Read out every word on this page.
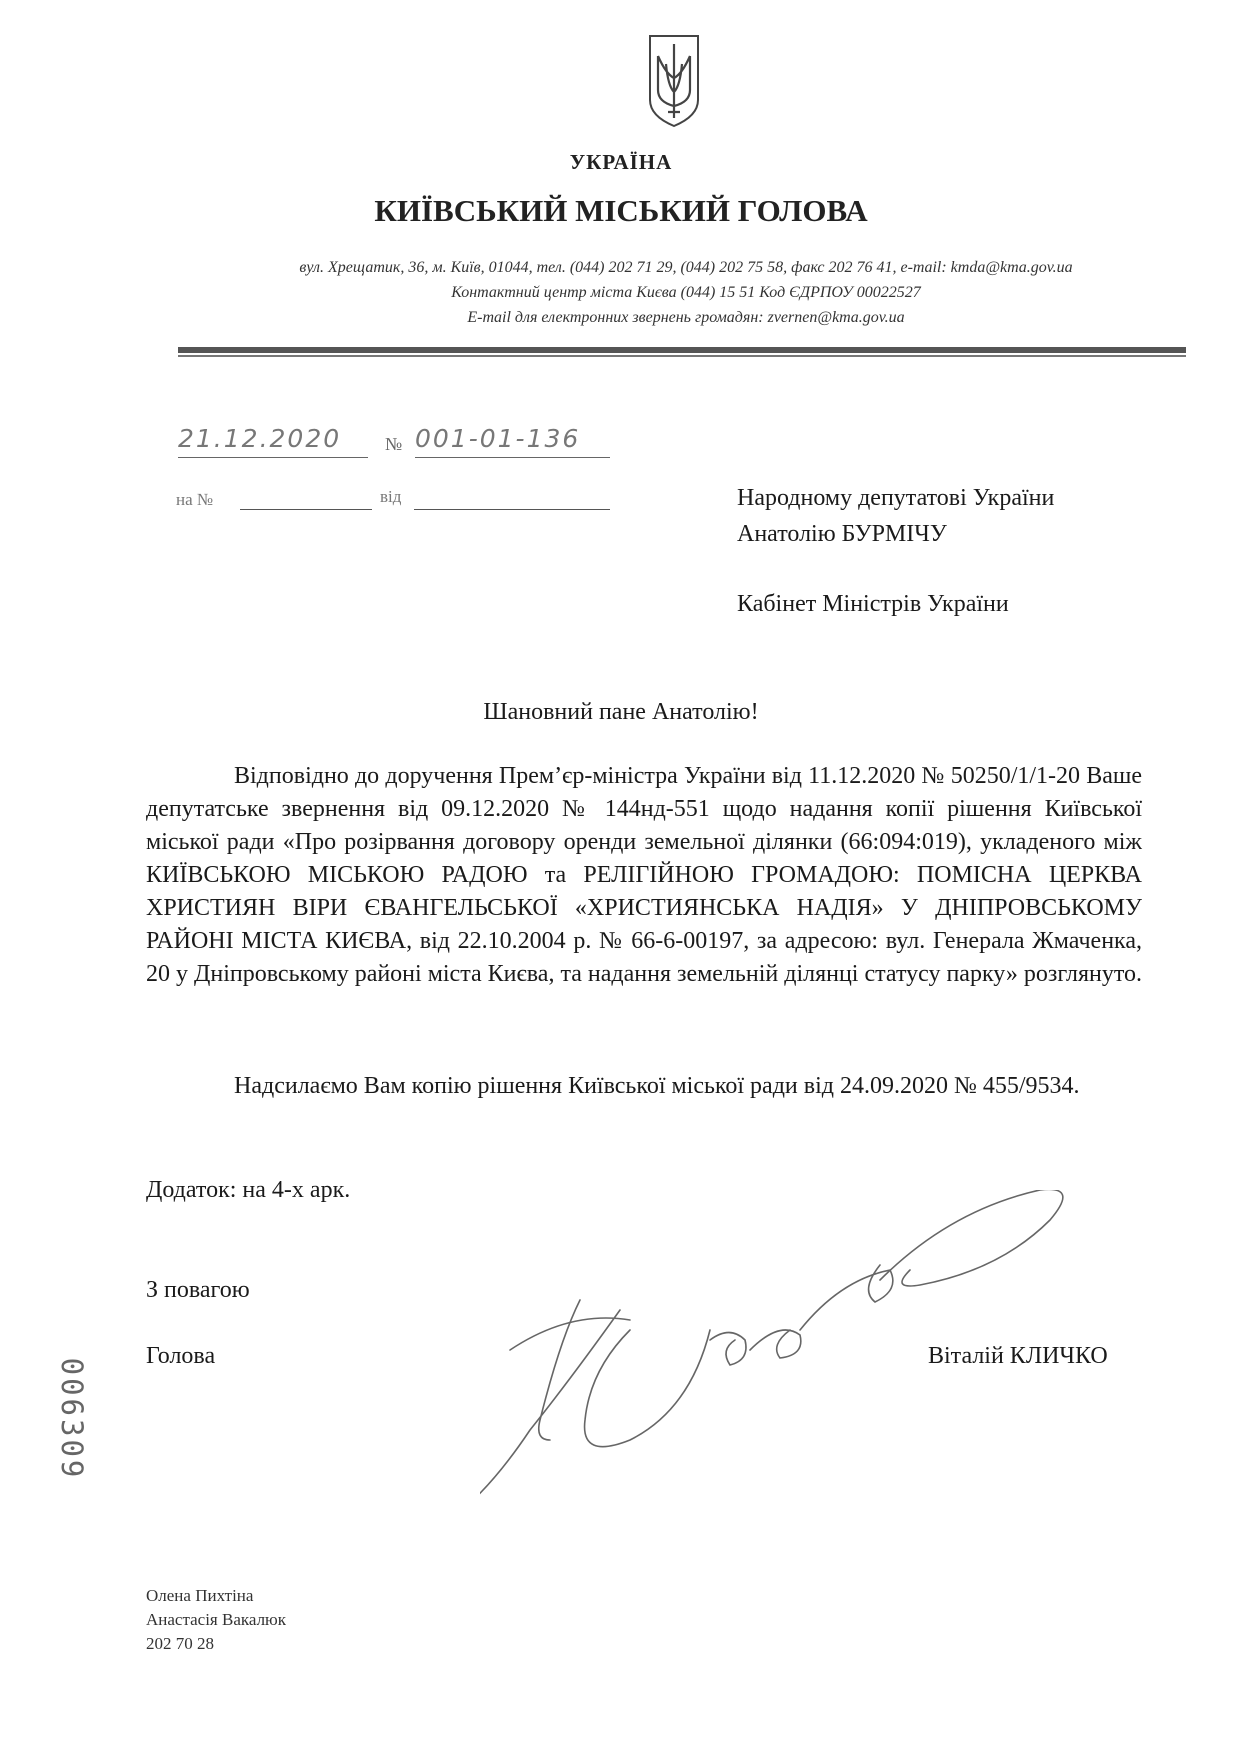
УКРАЇНА
КИЇВСЬКИЙ МІСЬКИЙ ГОЛОВА
вул. Хрещатик, 36, м. Київ, 01044, тел. (044) 202 71 29, (044) 202 75 58, факс 202 76 41, e-mail: kmda@kma.gov.ua
Контактний центр міста Києва (044) 15 51 Код ЄДРПОУ 00022527
E-mail для електронних звернень громадян: zvernen@kma.gov.ua
21.12.2020	№ 001-01-136
на №	від	Народному депутатові України
Анатолію БУРМІЧУ
Кабінет Міністрів України
Шановний пане Анатолію!
Відповідно до доручення Прем’єр-міністра України від 11.12.2020 № 50250/1/1-20 Ваше депутатське звернення від 09.12.2020 № 144нд-551 щодо надання копії рішення Київської міської ради «Про розірвання договору оренди земельної ділянки (66:094:019), укладеного між КИЇВСЬКОЮ МІСЬКОЮ РАДОЮ та РЕЛІГІЙНОЮ ГРОМАДОЮ: ПОМІСНА ЦЕРКВА ХРИСТИЯН ВІРИ ЄВАНГЕЛЬСЬКОЇ «ХРИСТИЯНСЬКА НАДІЯ» У ДНІПРОВСЬКОМУ РАЙОНІ МІСТА КИЄВА, від 22.10.2004 р. № 66-6-00197, за адресою: вул. Генерала Жмаченка, 20 у Дніпровському районі міста Києва, та надання земельній ділянці статусу парку» розглянуто.
Надсилаємо Вам копію рішення Київської міської ради від 24.09.2020 № 455/9534.
Додаток: на 4-х арк.
З повагою
Голова	Віталій КЛИЧКО
006309
Олена Пихтіна
Анастасія Вакалюк
202 70 28
